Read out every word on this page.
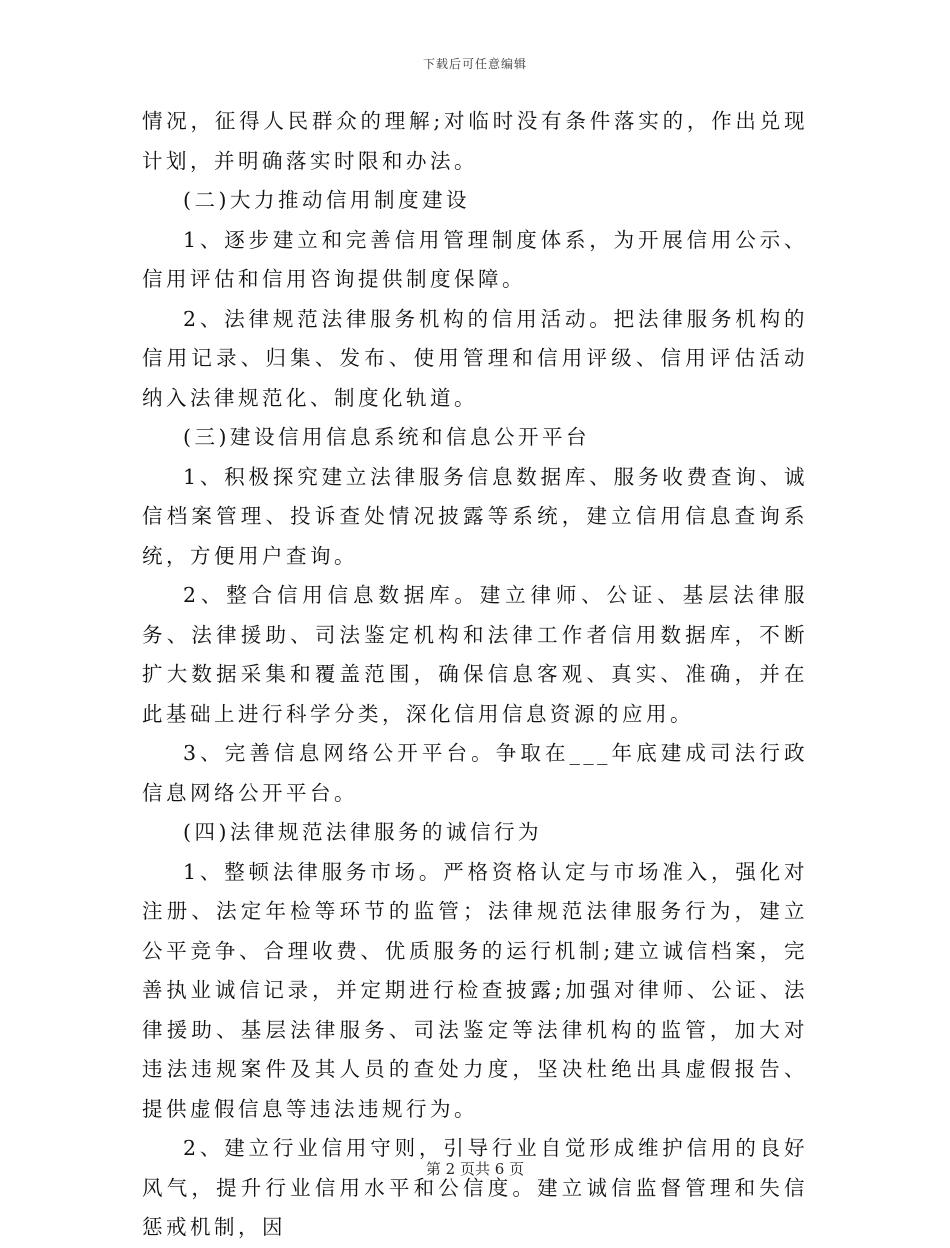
下载后可任意编辑

情况，征得人民群众的理解;对临时没有条件落实的，作出兑现计划，并明确落实时限和办法。

(二)大力推动信用制度建设

1、逐步建立和完善信用管理制度体系，为开展信用公示、信用评估和信用咨询提供制度保障。

2、法律规范法律服务机构的信用活动。把法律服务机构的信用记录、归集、发布、使用管理和信用评级、信用评估活动纳入法律规范化、制度化轨道。

(三)建设信用信息系统和信息公开平台

1、积极探究建立法律服务信息数据库、服务收费查询、诚信档案管理、投诉查处情况披露等系统，建立信用信息查询系统，方便用户查询。

2、整合信用信息数据库。建立律师、公证、基层法律服务、法律援助、司法鉴定机构和法律工作者信用数据库，不断扩大数据采集和覆盖范围，确保信息客观、真实、准确，并在此基础上进行科学分类，深化信用信息资源的应用。

3、完善信息网络公开平台。争取在___年底建成司法行政信息网络公开平台。

(四)法律规范法律服务的诚信行为

1、整顿法律服务市场。严格资格认定与市场准入，强化对注册、法定年检等环节的监管；法律规范法律服务行为，建立公平竞争、合理收费、优质服务的运行机制;建立诚信档案，完善执业诚信记录，并定期进行检查披露;加强对律师、公证、法律援助、基层法律服务、司法鉴定等法律机构的监管，加大对违法违规案件及其人员的查处力度，坚决杜绝出具虚假报告、提供虚假信息等违法违规行为。

2、建立行业信用守则，引导行业自觉形成维护信用的良好风气，提升行业信用水平和公信度。建立诚信监督管理和失信惩戒机制，因

第 2 页共 6 页
